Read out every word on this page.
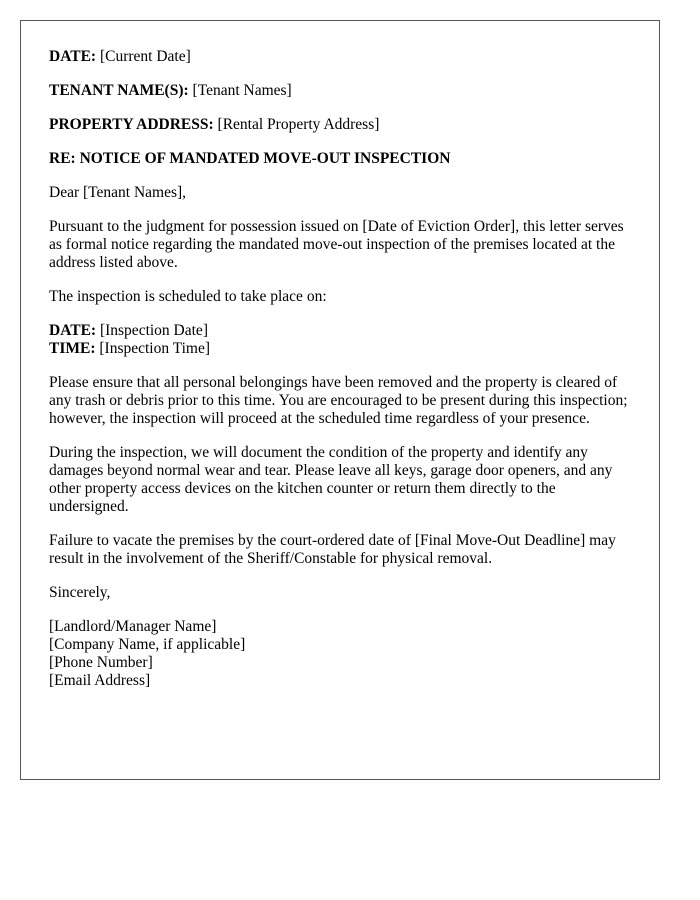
DATE: [Current Date]

TENANT NAME(S): [Tenant Names]

PROPERTY ADDRESS: [Rental Property Address]

RE: NOTICE OF MANDATED MOVE-OUT INSPECTION

Dear [Tenant Names],

Pursuant to the judgment for possession issued on [Date of Eviction Order], this letter serves as formal notice regarding the mandated move-out inspection of the premises located at the address listed above.

The inspection is scheduled to take place on:

DATE: [Inspection Date]
TIME: [Inspection Time]

Please ensure that all personal belongings have been removed and the property is cleared of any trash or debris prior to this time. You are encouraged to be present during this inspection; however, the inspection will proceed at the scheduled time regardless of your presence.

During the inspection, we will document the condition of the property and identify any damages beyond normal wear and tear. Please leave all keys, garage door openers, and any other property access devices on the kitchen counter or return them directly to the undersigned.

Failure to vacate the premises by the court-ordered date of [Final Move-Out Deadline] may result in the involvement of the Sheriff/Constable for physical removal.

Sincerely,

[Landlord/Manager Name]
[Company Name, if applicable]
[Phone Number]
[Email Address]
